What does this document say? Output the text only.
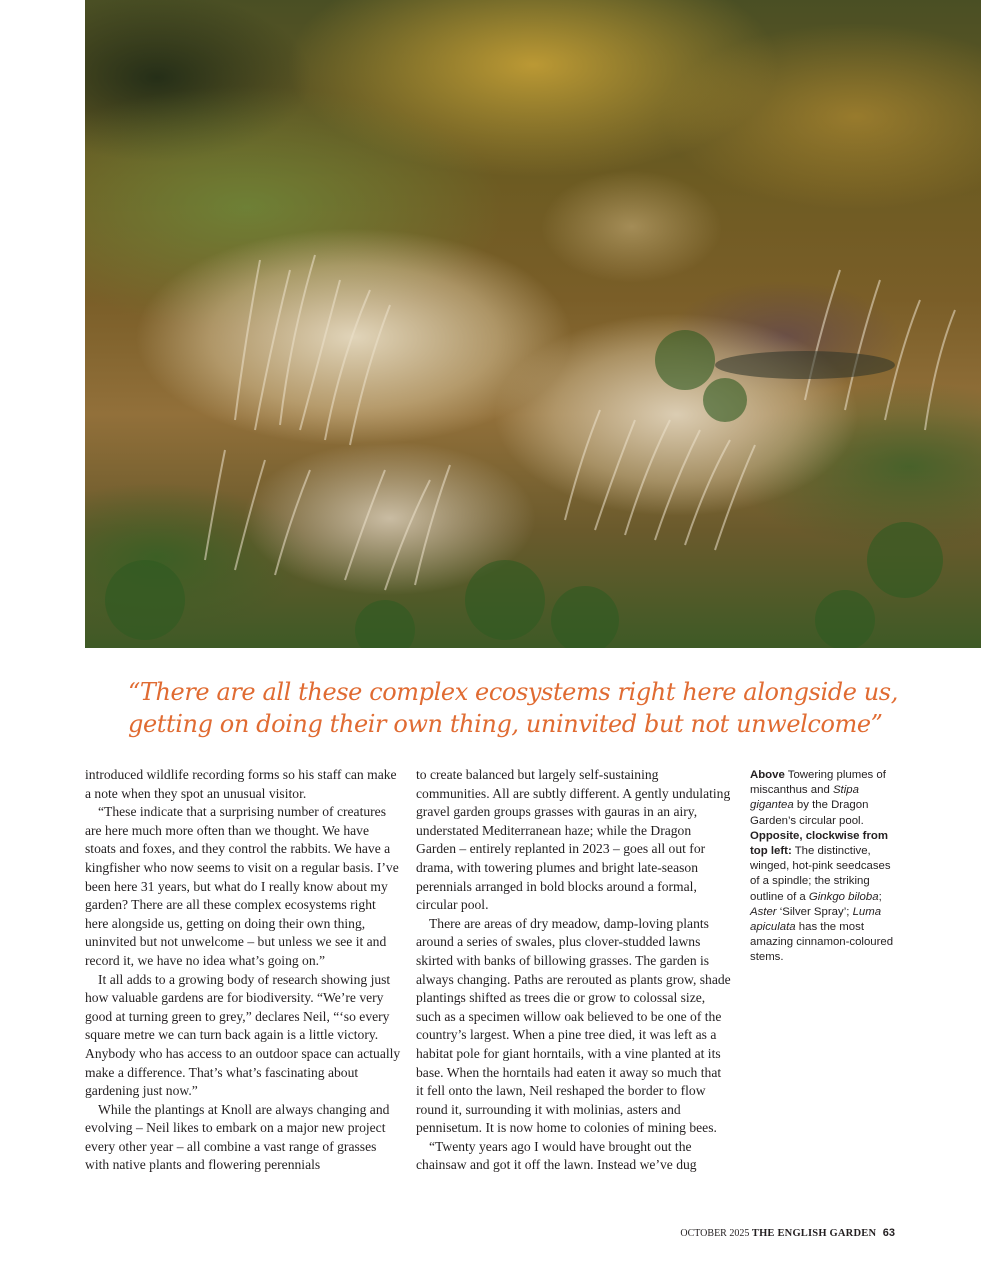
“There are all these complex ecosystems right here alongside us, getting on doing their own thing, uninvited but not unwelcome”

introduced wildlife recording forms so his staff can make a note when they spot an unusual visitor.

“These indicate that a surprising number of creatures are here much more often than we thought. We have stoats and foxes, and they control the rabbits. We have a kingfisher who now seems to visit on a regular basis. I’ve been here 31 years, but what do I really know about my garden? There are all these complex ecosystems right here alongside us, getting on doing their own thing, uninvited but not unwelcome – but unless we see it and record it, we have no idea what’s going on.”

It all adds to a growing body of research showing just how valuable gardens are for biodiversity. “We’re very good at turning green to grey,” declares Neil, “‘so every square metre we can turn back again is a little victory. Anybody who has access to an outdoor space can actually make a difference. That’s what’s fascinating about gardening just now.”

While the plantings at Knoll are always changing and evolving – Neil likes to embark on a major new project every other year – all combine a vast range of grasses with native plants and flowering perennials

to create balanced but largely self-sustaining communities. All are subtly different. A gently undulating gravel garden groups grasses with gauras in an airy, understated Mediterranean haze; while the Dragon Garden – entirely replanted in 2023 – goes all out for drama, with towering plumes and bright late-season perennials arranged in bold blocks around a formal, circular pool.

There are areas of dry meadow, damp-loving plants around a series of swales, plus clover-studded lawns skirted with banks of billowing grasses. The garden is always changing. Paths are rerouted as plants grow, shade plantings shifted as trees die or grow to colossal size, such as a specimen willow oak believed to be one of the country’s largest. When a pine tree died, it was left as a habitat pole for giant horntails, with a vine planted at its base. When the horntails had eaten it away so much that it fell onto the lawn, Neil reshaped the border to flow round it, surrounding it with molinias, asters and pennisetum. It is now home to colonies of mining bees.

“Twenty years ago I would have brought out the chainsaw and got it off the lawn. Instead we’ve dug

Above Towering plumes of miscanthus and Stipa gigantea by the Dragon Garden’s circular pool. Opposite, clockwise from top left: The distinctive, winged, hot-pink seedcases of a spindle; the striking outline of a Ginkgo biloba; Aster ‘Silver Spray’; Luma apiculata has the most amazing cinnamon-coloured stems.

OCTOBER 2025 THE ENGLISH GARDEN 63
